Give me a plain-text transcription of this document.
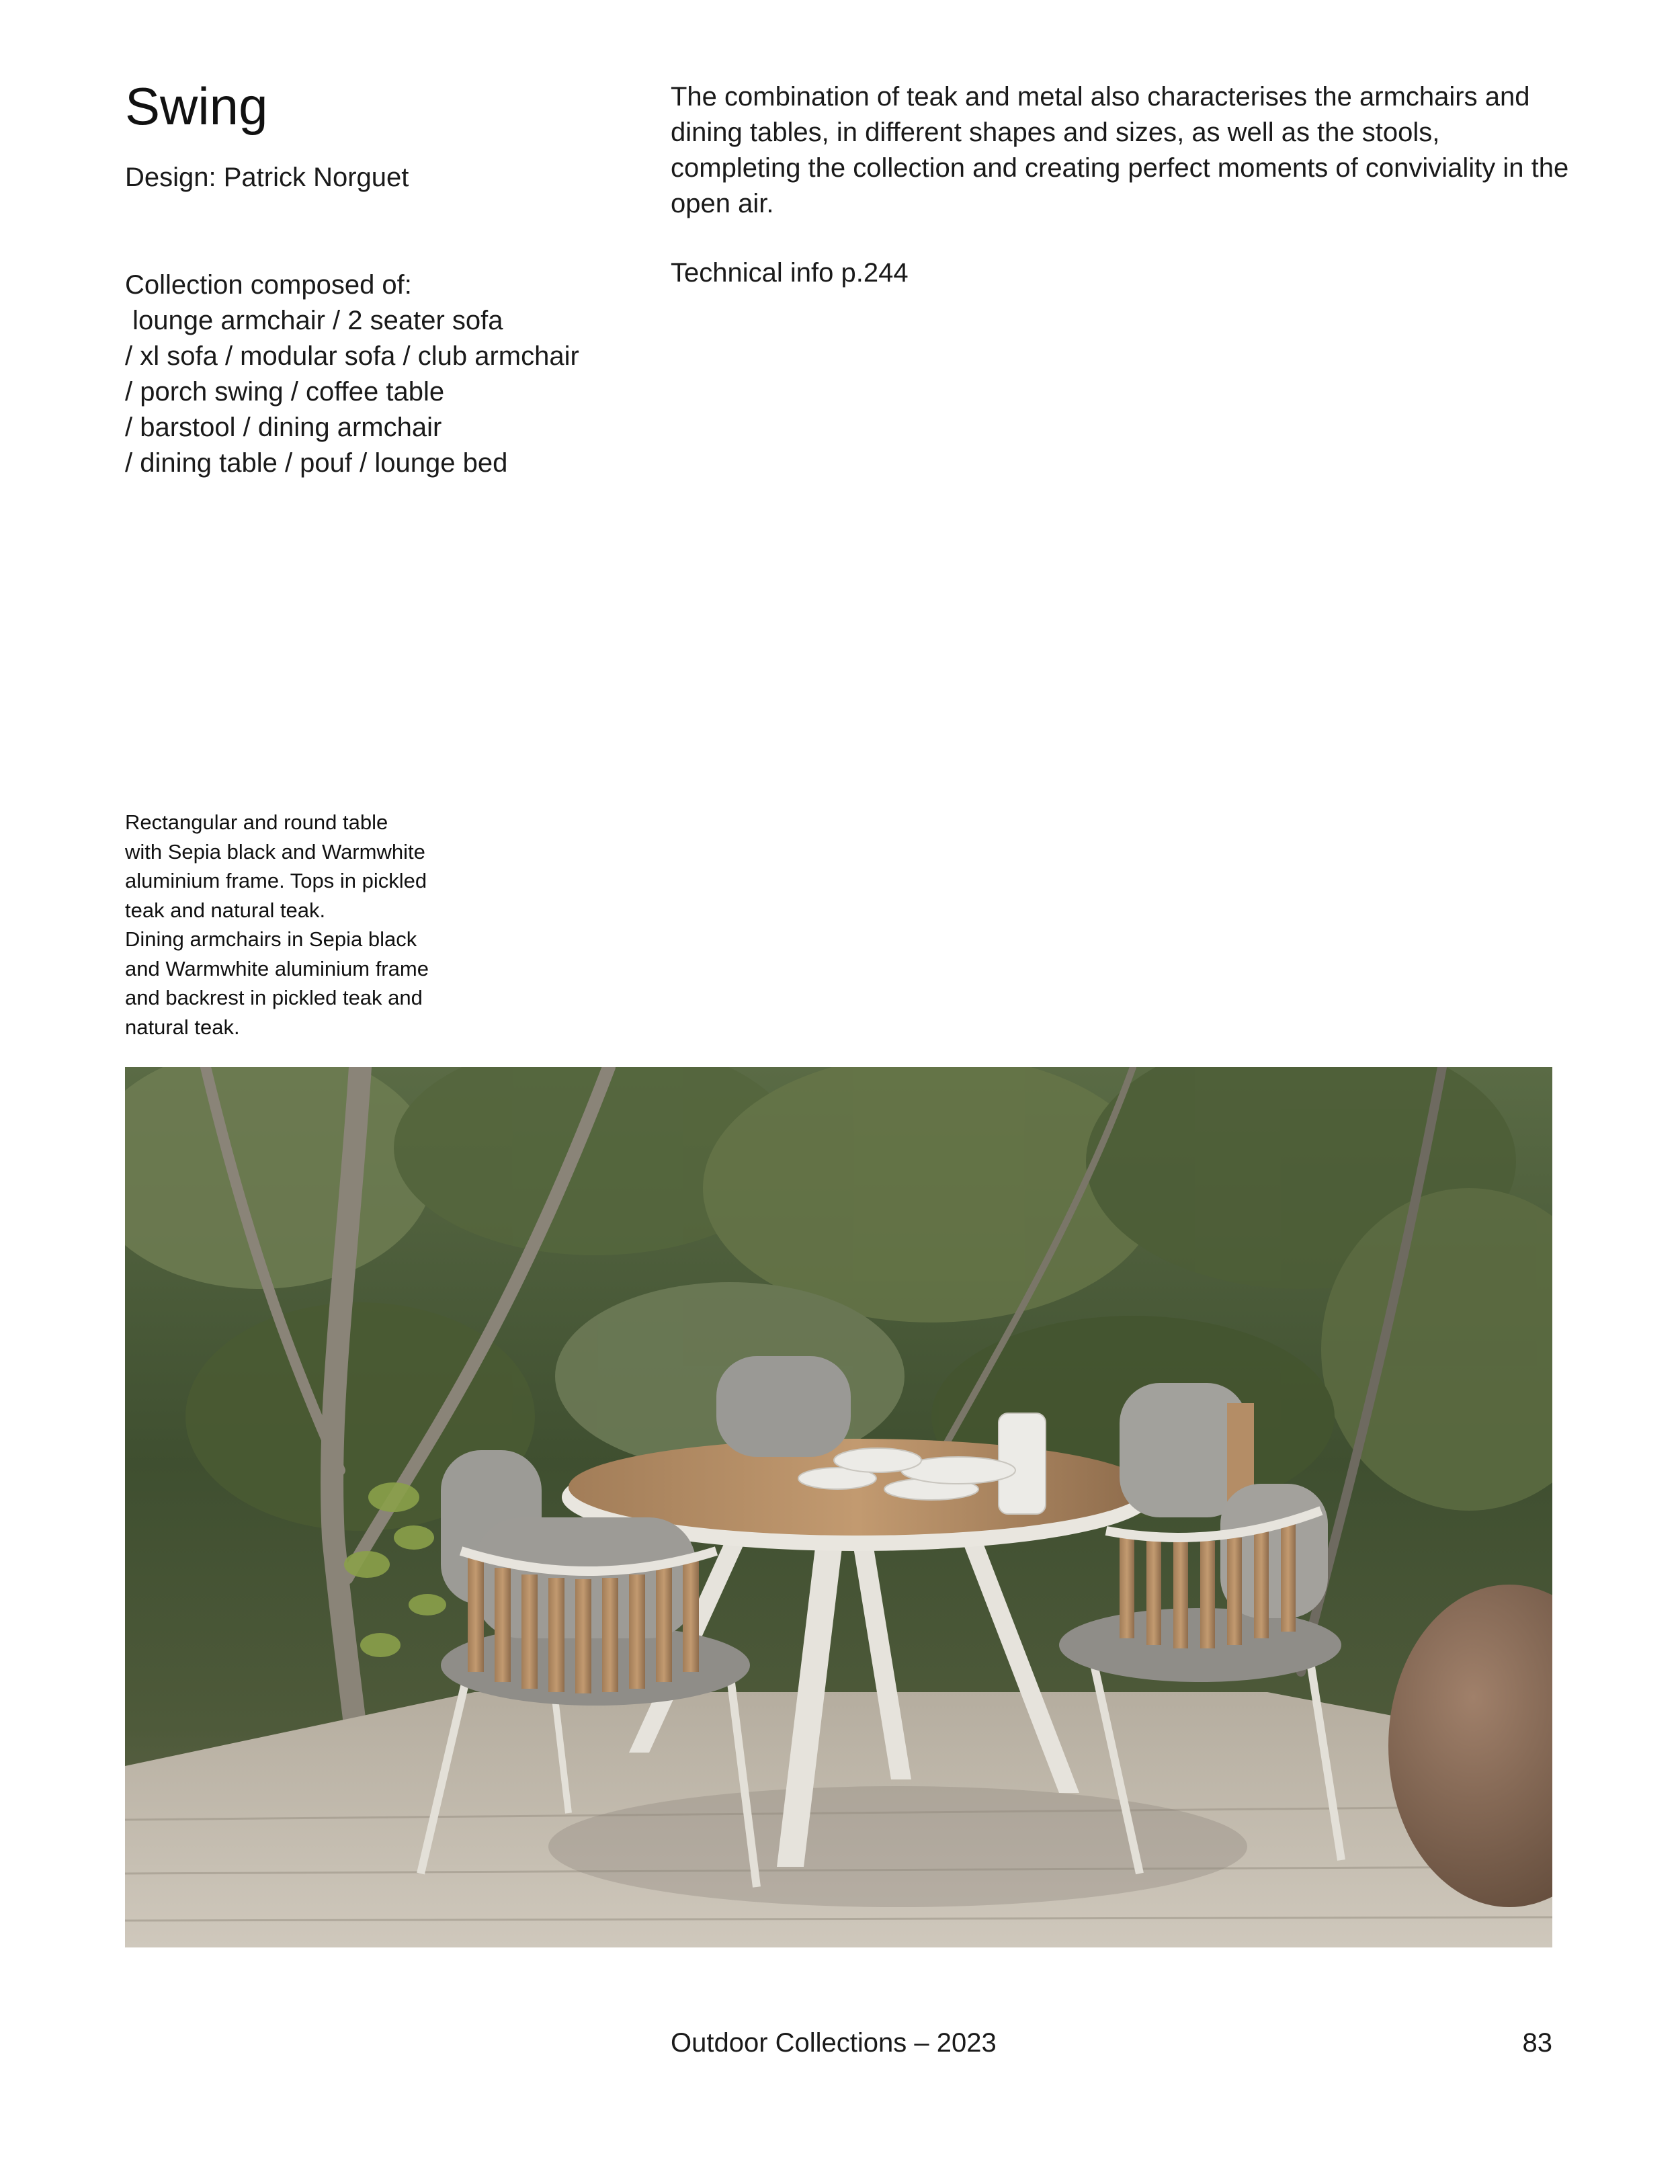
Swing
Design: Patrick Norguet
Collection composed of:
lounge armchair / 2 seater sofa
/ xl sofa / modular sofa / club armchair
/ porch swing / coffee table
/ barstool / dining armchair
/ dining table / pouf / lounge bed

The combination of teak and metal also characterises the armchairs and dining tables, in different shapes and sizes, as well as the stools, completing the collection and creating perfect moments of conviviality in the open air.

Technical info p.244
Rectangular and round table
with Sepia black and Warmwhite
aluminium frame. Tops in pickled
teak and natural teak.
Dining armchairs in Sepia black
and Warmwhite aluminium frame
and backrest in pickled teak and
natural teak.
Outdoor Collections – 2023	83
